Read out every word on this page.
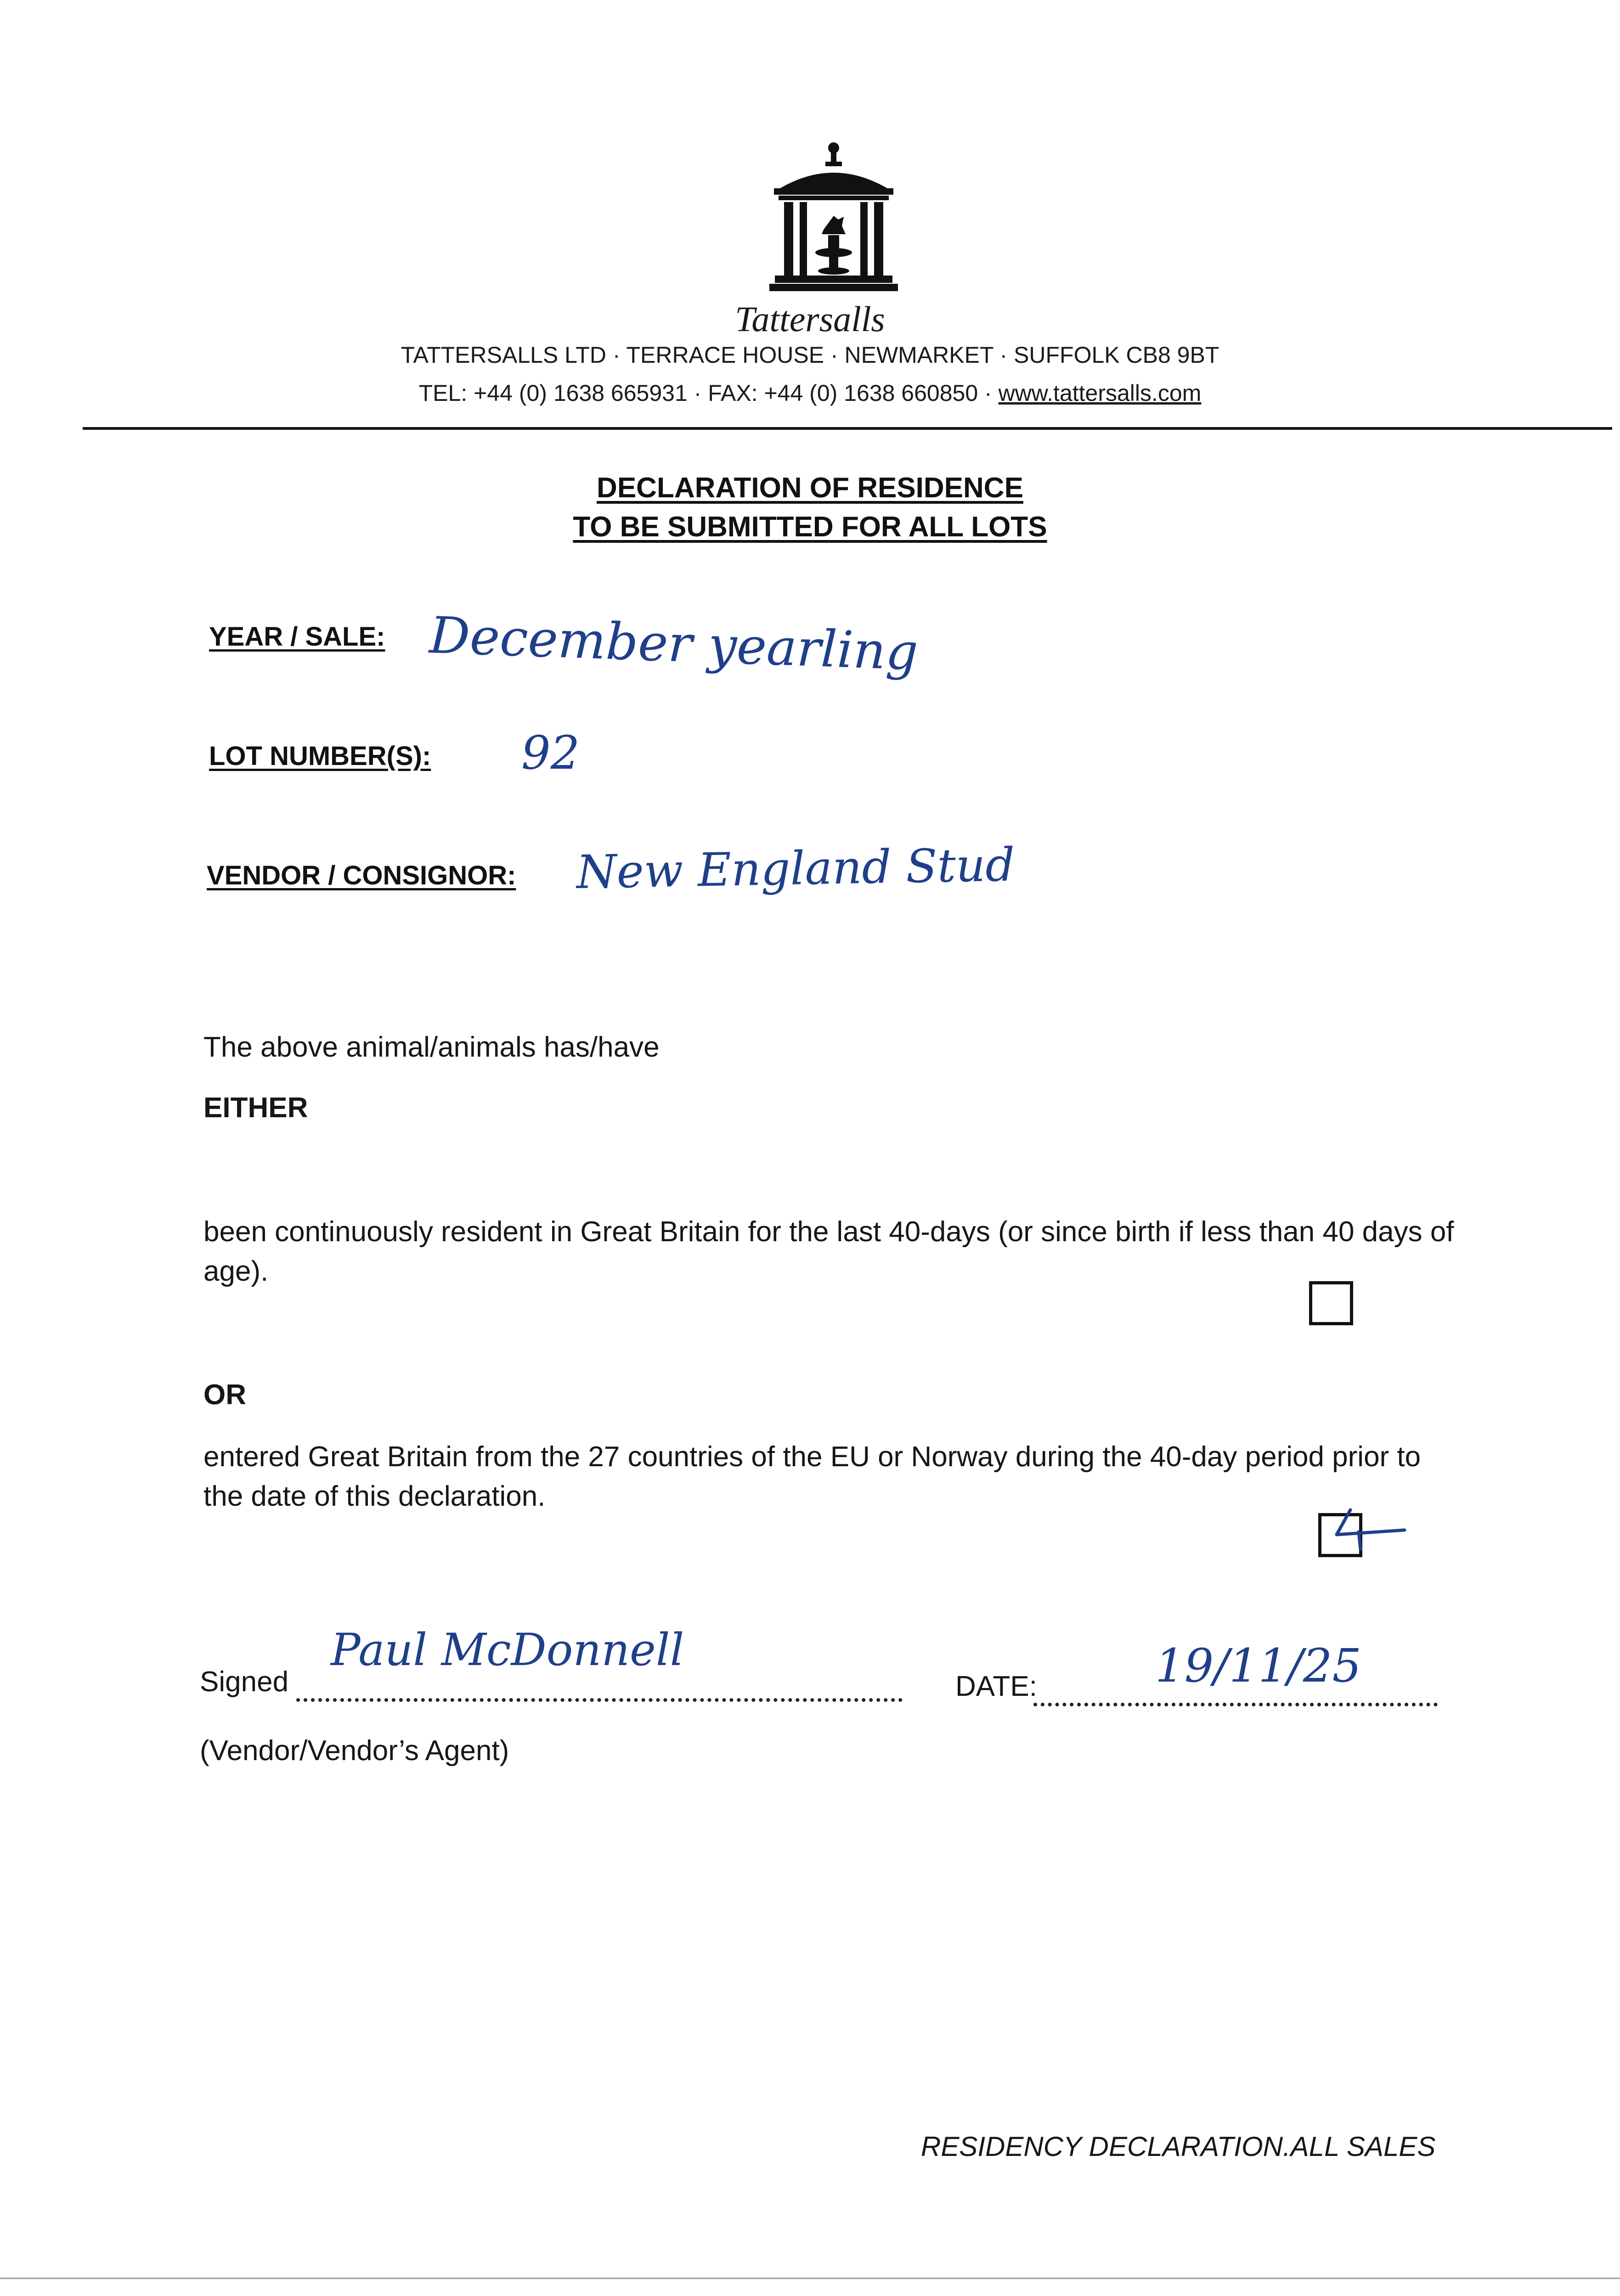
Tattersalls
TATTERSALLS LTD · TERRACE HOUSE · NEWMARKET · SUFFOLK CB8 9BT
TEL: +44 (0) 1638 665931 · FAX: +44 (0) 1638 660850 · www.tattersalls.com
DECLARATION OF RESIDENCE
TO BE SUBMITTED FOR ALL LOTS
YEAR / SALE: December yearling
LOT NUMBER(S): 92
VENDOR / CONSIGNOR: New England Stud
The above animal/animals has/have
EITHER
been continuously resident in Great Britain for the last 40-days (or since birth if less than 40 days of age).
OR
entered Great Britain from the 27 countries of the EU or Norway during the 40-day period prior to the date of this declaration.
Signed
Paul McDonnell
DATE:	19/11/25
(Vendor/Vendor’s Agent)
RESIDENCY DECLARATION.ALL SALES
